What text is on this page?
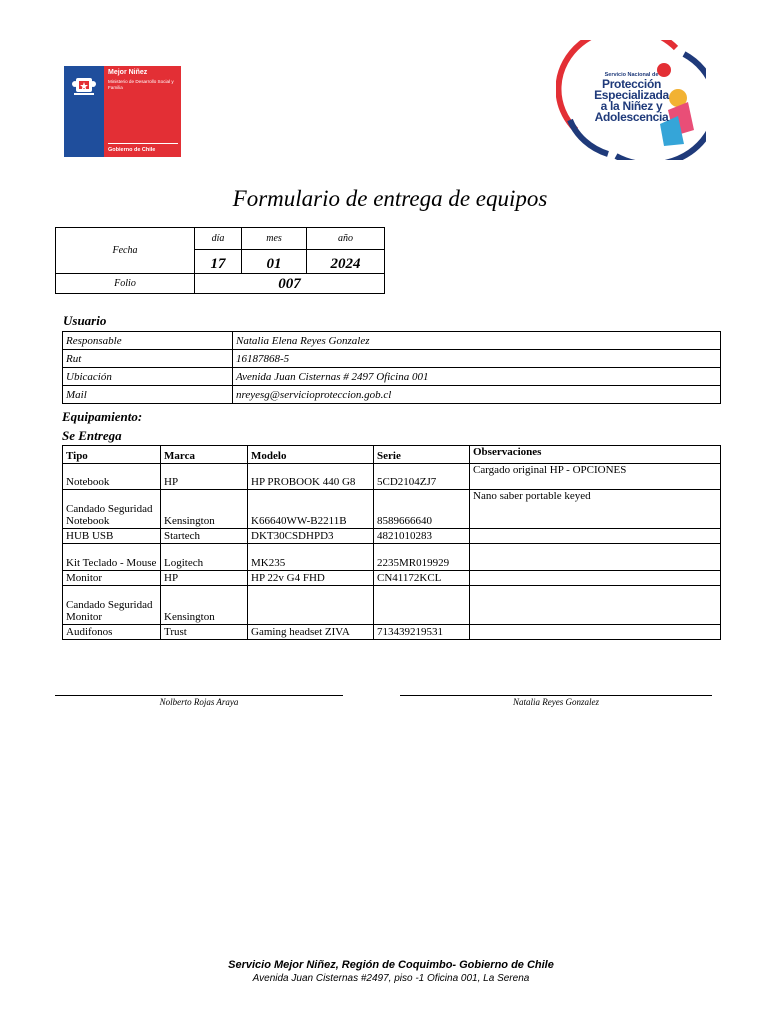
Mejor Niñez
Ministerio de Desarrollo Social y Familia
Gobierno de Chile
Servicio Nacional de
Protección
Especializada
a la Niñez y
Adolescencia
Formulario de entrega de equipos
Fecha	día	mes	año
	17	01	2024
Folio	007		
Usuario
Responsable	Natalia Elena Reyes Gonzalez
Rut	16187868-5
Ubicación	Avenida Juan Cisternas # 2497 Oficina 001
Mail	nreyesg@servicioproteccion.gob.cl
Equipamiento:
Se Entrega
Tipo	Marca	Modelo	Serie	Observaciones
Notebook	HP	HP PROBOOK 440 G8	5CD2104ZJ7	Cargado original HP - OPCIONES
Candado Seguridad Notebook	Kensington	K66640WW-B2211B	8589666640	Nano saber portable keyed
HUB USB	Startech	DKT30CSDHPD3	4821010283	
Kit Teclado - Mouse	Logitech	MK235	2235MR019929	
Monitor	HP	HP 22v G4 FHD	CN41172KCL	
Candado Seguridad Monitor	Kensington			
Audifonos	Trust	Gaming headset ZIVA	713439219531	
Nolberto Rojas Araya	Natalia Reyes Gonzalez
Servicio Mejor Niñez, Región de Coquimbo- Gobierno de Chile
Avenida Juan Cisternas #2497, piso -1 Oficina 001, La Serena
